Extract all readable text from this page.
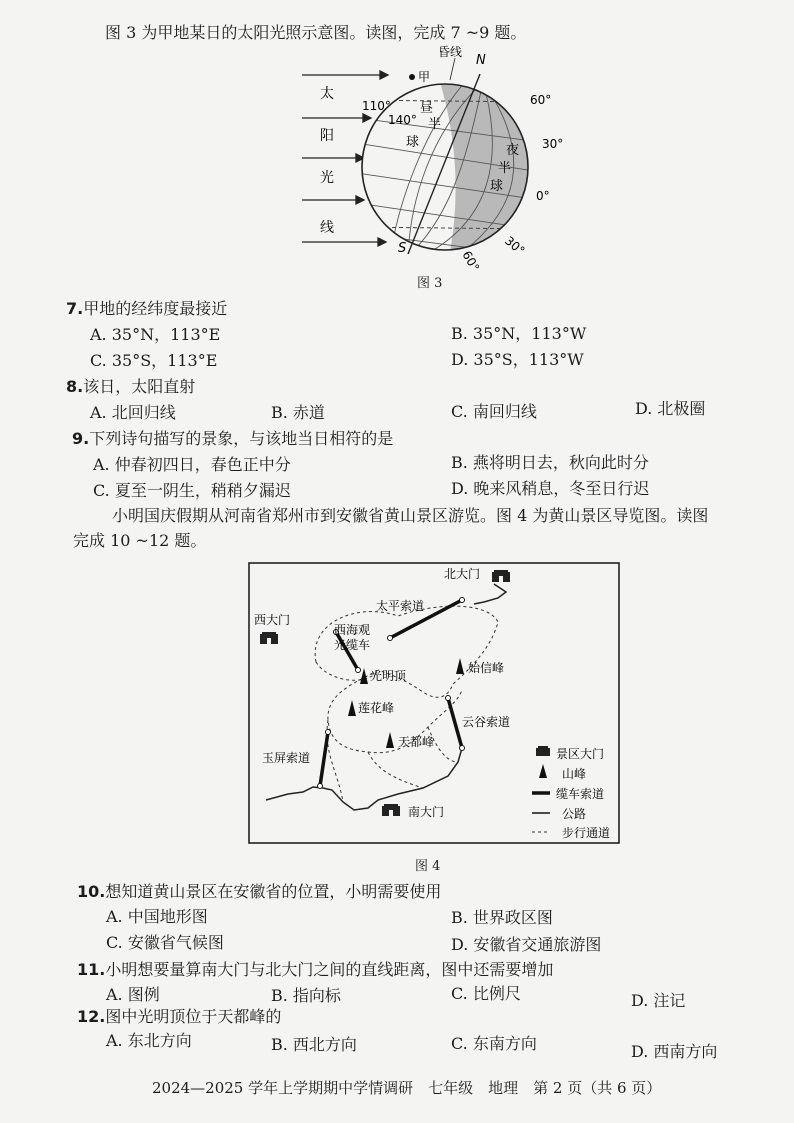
图 3 为甲地某日的太阳光照示意图。读图，完成 7 ~9 题。
太
阳
光
线
甲
昏线
N
S
110°
140°
昼
半
球
夜
半
球
60°
30°
0°
30°
60°
图 3
7.甲地的经纬度最接近
A. 35°N，113°E	B. 35°N，113°W
C. 35°S，113°E	D. 35°S，113°W
8.该日，太阳直射
A. 北回归线	B. 赤道	C. 南回归线	D. 北极圈
9.下列诗句描写的景象，与该地当日相符的是
A. 仲春初四日，春色正中分	B. 燕将明日去，秋向此时分
C. 夏至一阴生，稍稍夕漏迟	D. 晚来风稍息，冬至日行迟
小明国庆假期从河南省郑州市到安徽省黄山景区游览。图 4 为黄山景区导览图。读图
完成 10 ~12 题。
北大门
西大门
南大门
太平索道
西海观
光缆车
光明顶
始信峰
莲花峰
天都峰
云谷索道
玉屏索道	景区大门
山峰
缆车索道
公路
步行通道
图 4
10.想知道黄山景区在安徽省的位置，小明需要使用
A. 中国地形图	B. 世界政区图
C. 安徽省气候图	D. 安徽省交通旅游图
11.小明想要量算南大门与北大门之间的直线距离，图中还需要增加
A. 图例	B. 指向标	C. 比例尺	D. 注记
12.图中光明顶位于天都峰的
A. 东北方向	B. 西北方向	C. 东南方向	D. 西南方向
2024—2025 学年上学期期中学情调研　七年级　地理　第 2 页（共 6 页）
